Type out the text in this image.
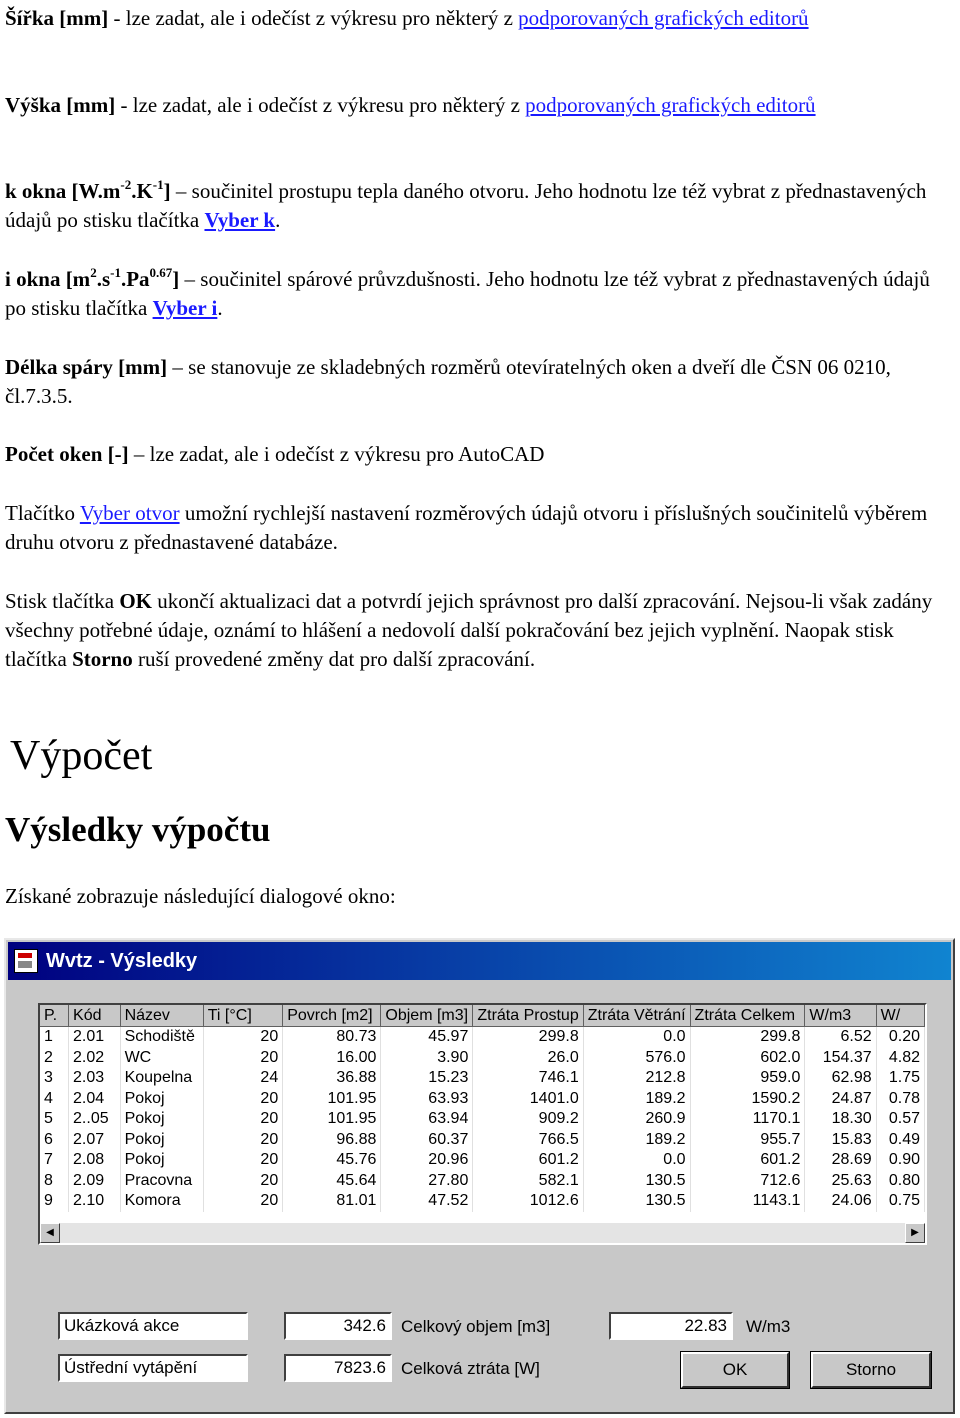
Šířka [mm] - lze zadat, ale i odečíst z výkresu pro některý z podporovaných grafických editorů

Výška [mm] - lze zadat, ale i odečíst z výkresu pro některý z podporovaných grafických editorů

k okna $[W.m^{-2}.K^{-1}]$ – součinitel prostupu tepla daného otvoru. Jeho hodnotu lze též vybrat z přednastavených údajů po stisku tlačítka Vyber k.

i okna $[m^2.s^{-1}.Pa^{0.67}]$ – součinitel spárové průvzdušnosti. Jeho hodnotu lze též vybrat z přednastavených údajů po stisku tlačítka Vyber i.

Délka spáry [mm] – se stanovuje ze skladebných rozměrů otevíratelných oken a dveří dle ČSN 06 0210, čl.7.3.5.

Počet oken [-] – lze zadat, ale i odečíst z výkresu pro AutoCAD

Tlačítko Vyber otvor umožní rychlejší nastavení rozměrových údajů otvoru i příslušných součinitelů výběrem druhu otvoru z přednastavené databáze.

Stisk tlačítka OK ukončí aktualizaci dat a potvrdí jejich správnost pro další zpracování. Nejsou-li však zadány všechny potřebné údaje, oznámí to hlášení a nedovolí další pokračování bez jejich vyplnění. Naopak stisk tlačítka Storno ruší provedené změny dat pro další zpracování.

Výpočet
Výsledky výpočtu

Získané zobrazuje následující dialogové okno:

Wvtz - Výsledky
P.	Kód	Název	Ti [°C]	Povrch [m2]	Objem [m3]	Ztráta Prostup	Ztráta Větrání	Ztráta Celkem	W/m3	W/
1	2.01	Schodiště	20	80.73	45.97	299.8	0.0	299.8	6.52	0.20
2	2.02	WC	20	16.00	3.90	26.0	576.0	602.0	154.37	4.82
3	2.03	Koupelna	24	36.88	15.23	746.1	212.8	959.0	62.98	1.75
4	2.04	Pokoj	20	101.95	63.93	1401.0	189.2	1590.2	24.87	0.78
5	2..05	Pokoj	20	101.95	63.94	909.2	260.9	1170.1	18.30	0.57
6	2.07	Pokoj	20	96.88	60.37	766.5	189.2	955.7	15.83	0.49
7	2.08	Pokoj	20	45.76	20.96	601.2	0.0	601.2	28.69	0.90
8	2.09	Pracovna	20	45.64	27.80	582.1	130.5	712.6	25.63	0.80
9	2.10	Komora	20	81.01	47.52	1012.6	130.5	1143.1	24.06	0.75
◀	▶
Ukázková akce
Ústřední vytápění
342.6 Celkový objem [m3]
7823.6 Celková ztráta [W]
22.83	W/m3
OK	Storno
